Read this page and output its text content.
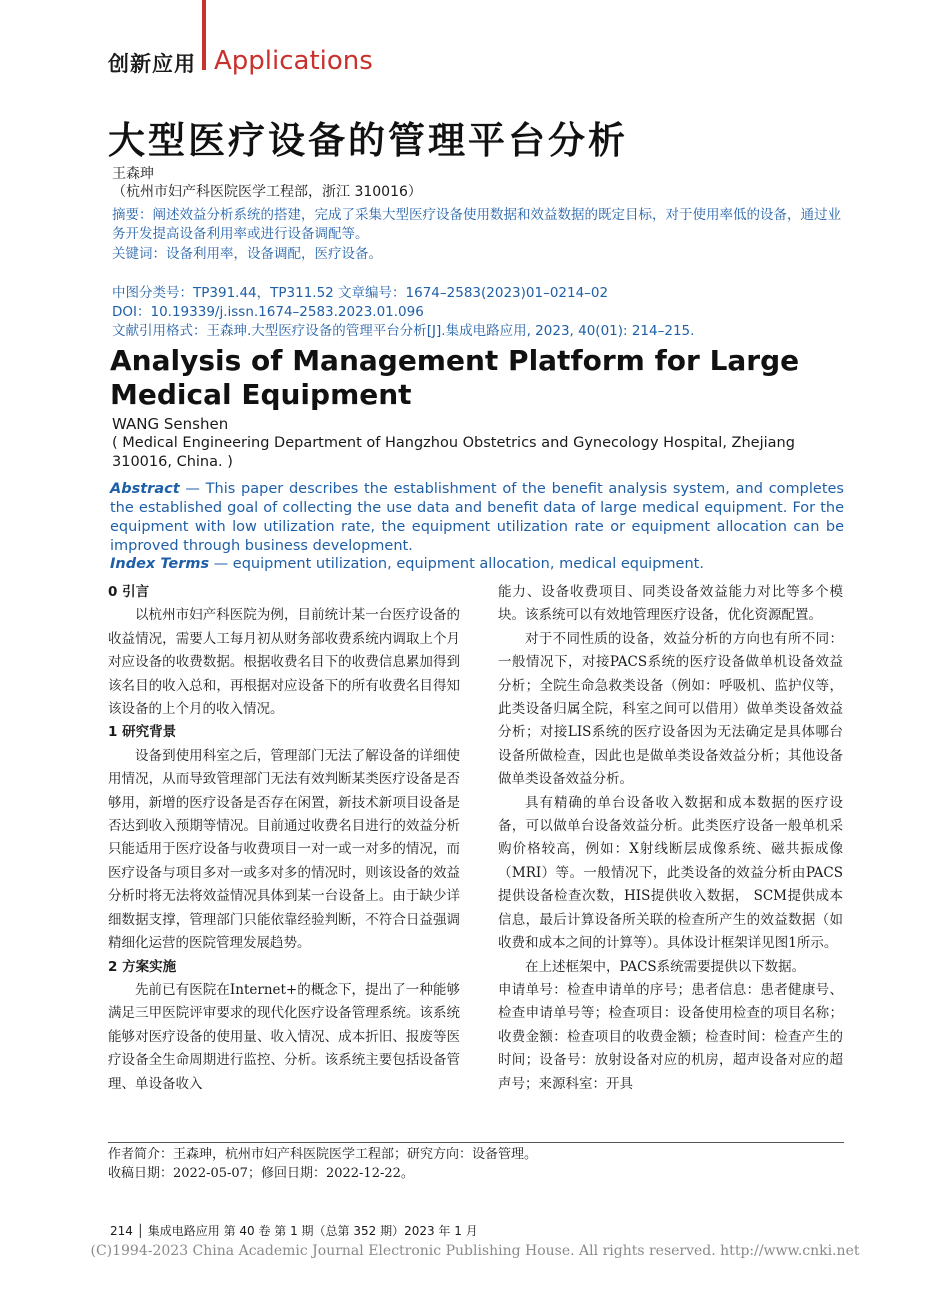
创新应用 Applications
大型医疗设备的管理平台分析
王森珅
（杭州市妇产科医院医学工程部，浙江 310016）
摘要：阐述效益分析系统的搭建，完成了采集大型医疗设备使用数据和效益数据的既定目标，对于使用率低的设备，通过业务开发提高设备利用率或进行设备调配等。
关键词：设备利用率，设备调配，医疗设备。
中图分类号：TP391.44，TP311.52 文章编号：1674–2583(2023)01–0214–02
DOI：10.19339/j.issn.1674–2583.2023.01.096
文献引用格式：王森珅.大型医疗设备的管理平台分析[J].集成电路应用, 2023, 40(01): 214–215.
Analysis of Management Platform for Large Medical Equipment
WANG Senshen
( Medical Engineering Department of Hangzhou Obstetrics and Gynecology Hospital, Zhejiang 310016, China. )
Abstract — This paper describes the establishment of the benefit analysis system, and completes the established goal of collecting the use data and benefit data of large medical equipment. For the equipment with low utilization rate, the equipment utilization rate or equipment allocation can be improved through business development.
Index Terms — equipment utilization, equipment allocation, medical equipment.
0 引言

以杭州市妇产科医院为例，目前统计某一台医疗设备的收益情况，需要人工每月初从财务部收费系统内调取上个月对应设备的收费数据。根据收费名目下的收费信息累加得到该名目的收入总和，再根据对应设备下的所有收费名目得知该设备的上个月的收入情况。

1 研究背景

设备到使用科室之后，管理部门无法了解设备的详细使用情况，从而导致管理部门无法有效判断某类医疗设备是否够用，新增的医疗设备是否存在闲置，新技术新项目设备是否达到收入预期等情况。目前通过收费名目进行的效益分析只能适用于医疗设备与收费项目一对一或一对多的情况，而医疗设备与项目多对一或多对多的情况时，则该设备的效益分析时将无法将效益情况具体到某一台设备上。由于缺少详细数据支撑，管理部门只能依靠经验判断，不符合日益强调精细化运营的医院管理发展趋势。

2 方案实施

先前已有医院在Internet+的概念下，提出了一种能够满足三甲医院评审要求的现代化医疗设备管理系统。该系统能够对医疗设备的使用量、收入情况、成本折旧、报废等医疗设备全生命周期进行监控、分析。该系统主要包括设备管理、单设备收入

能力、设备收费项目、同类设备效益能力对比等多个模块。该系统可以有效地管理医疗设备，优化资源配置。

对于不同性质的设备，效益分析的方向也有所不同：一般情况下，对接PACS系统的医疗设备做单机设备效益分析；全院生命急救类设备（例如：呼吸机、监护仪等，此类设备归属全院，科室之间可以借用）做单类设备效益分析；对接LIS系统的医疗设备因为无法确定是具体哪台设备所做检查，因此也是做单类设备效益分析；其他设备做单类设备效益分析。

具有精确的单台设备收入数据和成本数据的医疗设备，可以做单台设备效益分析。此类医疗设备一般单机采购价格较高，例如：X射线断层成像系统、磁共振成像（MRI）等。一般情况下，此类设备的效益分析由PACS提供设备检查次数，HIS提供收入数据， SCM提供成本信息，最后计算设备所关联的检查所产生的效益数据（如收费和成本之间的计算等）。具体设计框架详见图1所示。

在上述框架中，PACS系统需要提供以下数据。

申请单号：检查申请单的序号；患者信息：患者健康号、检查申请单号等；检查项目：设备使用检查的项目名称；收费金额：检查项目的收费金额；检查时间：检查产生的时间；设备号：放射设备对应的机房，超声设备对应的超声号；来源科室：开具

作者简介：王森珅，杭州市妇产科医院医学工程部；研究方向：设备管理。
收稿日期：2022-05-07；修回日期：2022-12-22。
214 │ 集成电路应用 第 40 卷 第 1 期（总第 352 期）2023 年 1 月
(C)1994-2023 China Academic Journal Electronic Publishing House. All rights reserved. http://www.cnki.net
